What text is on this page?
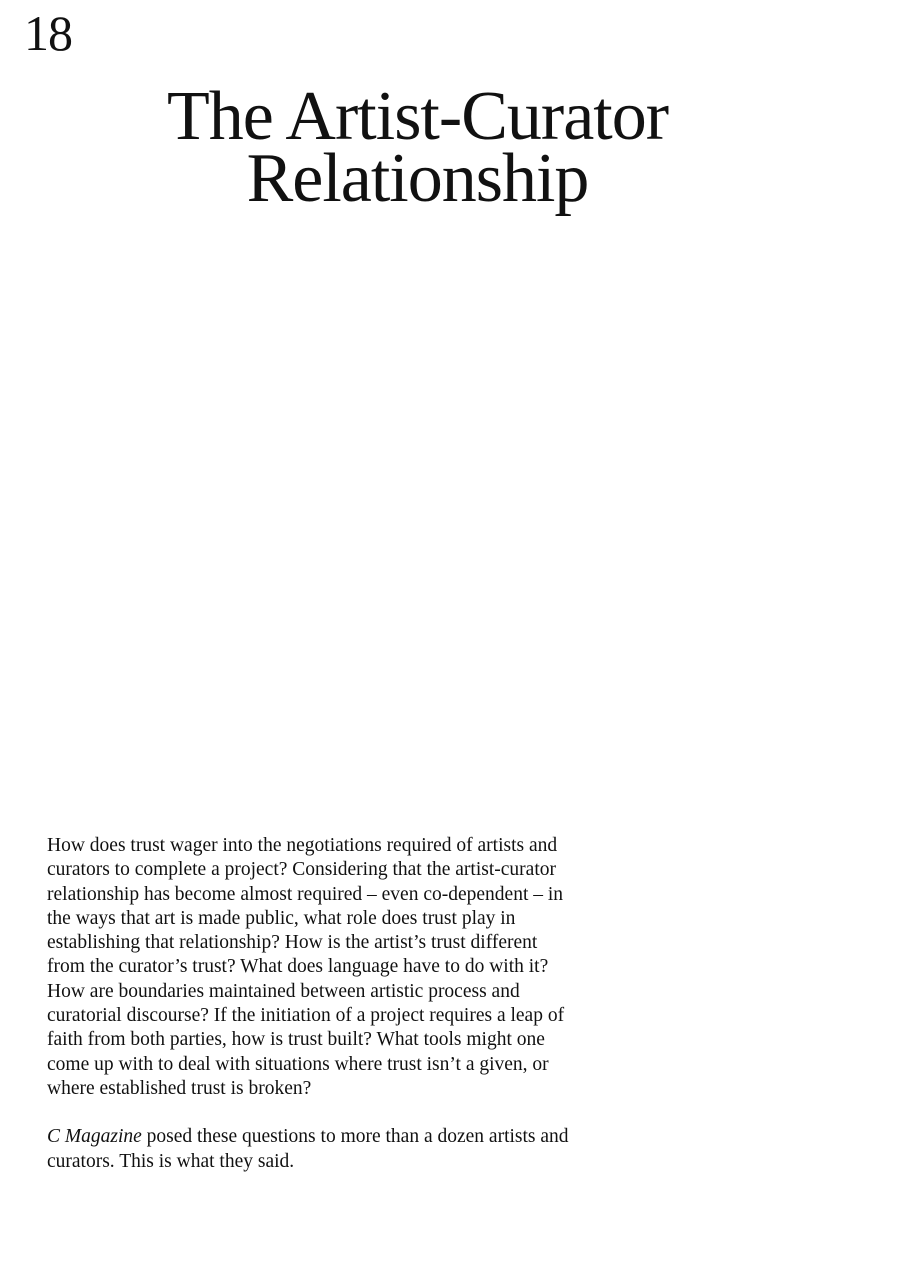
18
The Artist-Curator
Relationship

How does trust wager into the negotiations required of artists and curators to complete a project? Considering that the artist-curator relationship has become almost required – even co-dependent – in the ways that art is made public, what role does trust play in establishing that relationship? How is the artist’s trust different from the curator’s trust? What does language have to do with it? How are boundaries maintained between artistic process and curatorial discourse? If the initiation of a project requires a leap of faith from both parties, how is trust built? What tools might one come up with to deal with situations where trust isn’t a given, or where established trust is broken?

C Magazine posed these questions to more than a dozen artists and curators. This is what they said.
